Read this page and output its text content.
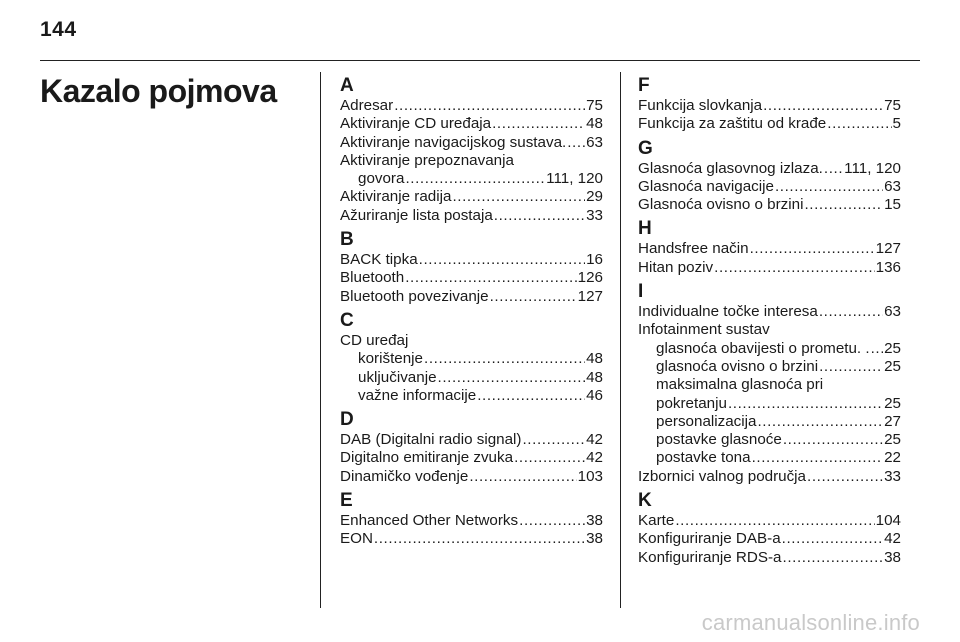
144
Kazalo pojmova	A
Adresar .....	75
Aktiviranje CD uređaja .....	48
Aktiviranje navigacijskog sustava. ..... 63
Aktiviranje prepoznavanja
govora .....	111, 120
Aktiviranje radija .....	29
Ažuriranje lista postaja .....	33
B
BACK tipka .....	16
Bluetooth .....	126
Bluetooth povezivanje .....	127
C
CD uređaj
korištenje .....	48
uključivanje .....	48
važne informacije .....	46
D
DAB (Digitalni radio signal) .....	42
Digitalno emitiranje zvuka .....	42
Dinamičko vođenje .....	103
E
Enhanced Other Networks .....	38
EON .....	38
F
Funkcija slovkanja .....	75
Funkcija za zaštitu od krađe .....	5
G
Glasnoća glasovnog izlaza. ..... 111, 120
Glasnoća navigacije .....	63
Glasnoća ovisno o brzini .....	15
H
Handsfree način .....	127
Hitan poziv .....	136
I
Individualne točke interesa .....	63
Infotainment sustav
glasnoća obavijesti o prometu. . ..... 25
glasnoća ovisno o brzini .....	25
maksimalna glasnoća pri
pokretanju .....	25
personalizacija .....	27
postavke glasnoće .....	25
postavke tona .....	22
Izbornici valnog područja .....	33
K
Karte .....	104
Konfiguriranje DAB-a .....	42
Konfiguriranje RDS-a .....	38
carmanualsonline.info
